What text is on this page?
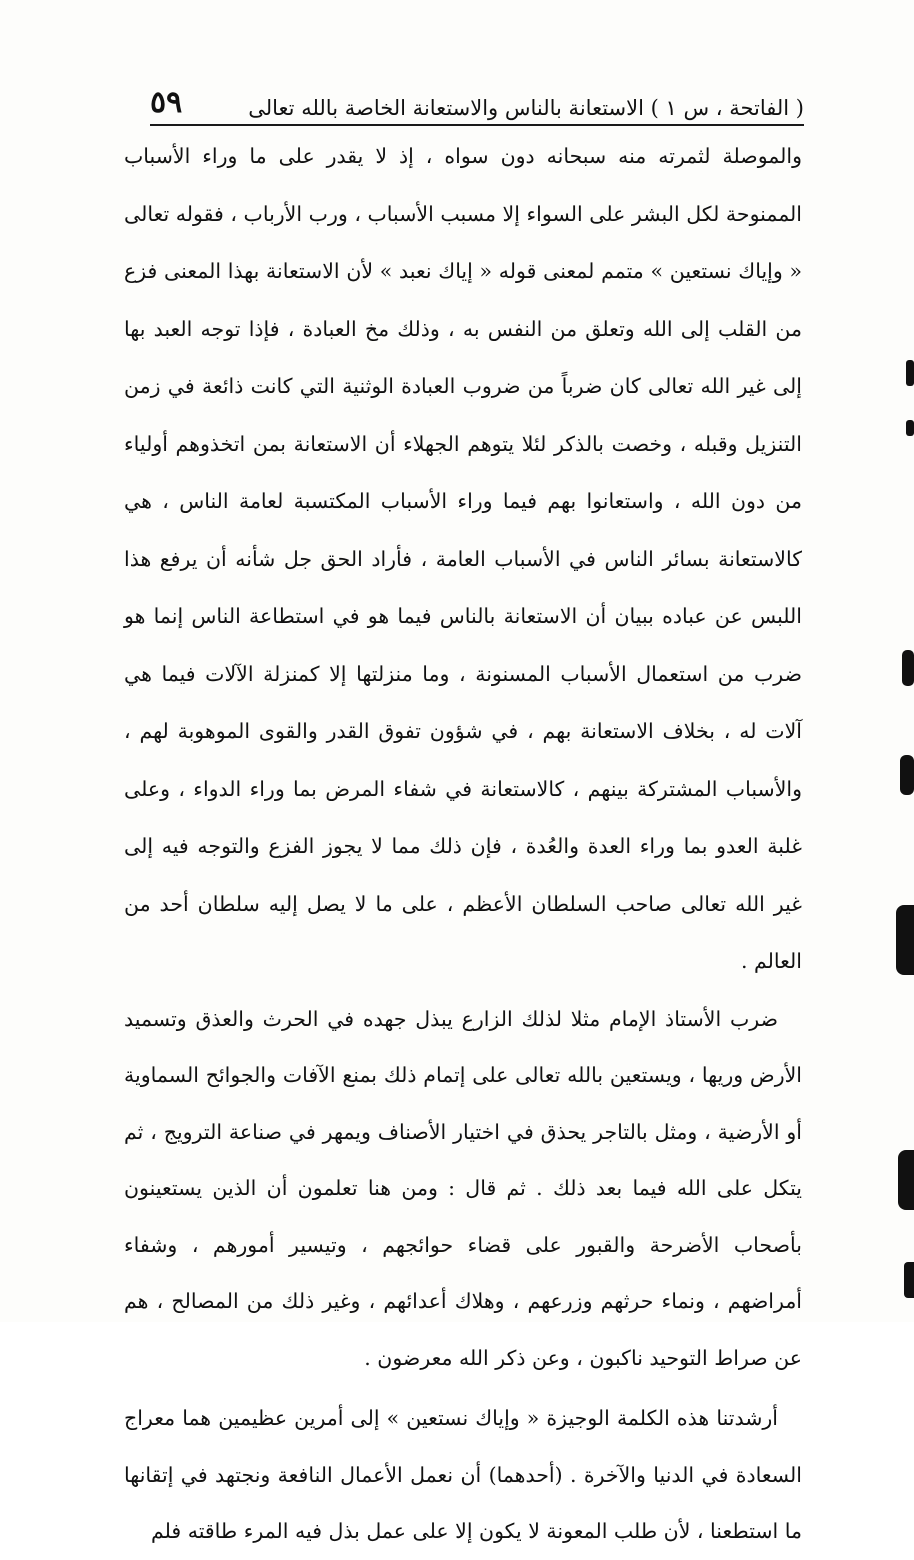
( الفاتحة ، س ١ ) الاستعانة بالناس والاستعانة الخاصة بالله تعالى
٥٩

والموصلة لثمرته منه سبحانه دون سواه ، إذ لا يقدر على ما وراء الأسباب الممنوحة لكل البشر على السواء إلا مسبب الأسباب ، ورب الأرباب ، فقوله تعالى « وإياك نستعين » متمم لمعنى قوله « إياك نعبد » لأن الاستعانة بهذا المعنى فزع من القلب إلى الله وتعلق من النفس به ، وذلك مخ العبادة ، فإذا توجه العبد بها إلى غير الله تعالى كان ضرباً من ضروب العبادة الوثنية التي كانت ذائعة في زمن التنزيل وقبله ، وخصت بالذكر لئلا يتوهم الجهلاء أن الاستعانة بمن اتخذوهم أولياء من دون الله ، واستعانوا بهم فيما وراء الأسباب المكتسبة لعامة الناس ، هي كالاستعانة بسائر الناس في الأسباب العامة ، فأراد الحق جل شأنه أن يرفع هذا اللبس عن عباده ببيان أن الاستعانة بالناس فيما هو في استطاعة الناس إنما هو ضرب من استعمال الأسباب المسنونة ، وما منزلتها إلا كمنزلة الآلات فيما هي آلات له ، بخلاف الاستعانة بهم ، في شؤون تفوق القدر والقوى الموهوبة لهم ، والأسباب المشتركة بينهم ، كالاستعانة في شفاء المرض بما وراء الدواء ، وعلى غلبة العدو بما وراء العدة والعُدة ، فإن ذلك مما لا يجوز الفزع والتوجه فيه إلى غير الله تعالى صاحب السلطان الأعظم ، على ما لا يصل إليه سلطان أحد من العالم .

ضرب الأستاذ الإمام مثلا لذلك الزارع يبذل جهده في الحرث والعذق وتسميد الأرض وريها ، ويستعين بالله تعالى على إتمام ذلك بمنع الآفات والجوائح السماوية أو الأرضية ، ومثل بالتاجر يحذق في اختيار الأصناف ويمهر في صناعة الترويج ، ثم يتكل على الله فيما بعد ذلك . ثم قال : ومن هنا تعلمون أن الذين يستعينون بأصحاب الأضرحة والقبور على قضاء حوائجهم ، وتيسير أمورهم ، وشفاء أمراضهم ، ونماء حرثهم وزرعهم ، وهلاك أعدائهم ، وغير ذلك من المصالح ، هم عن صراط التوحيد ناكبون ، وعن ذكر الله معرضون .

أرشدتنا هذه الكلمة الوجيزة « وإياك نستعين » إلى أمرين عظيمين هما معراج السعادة في الدنيا والآخرة . (أحدهما) أن نعمل الأعمال النافعة ونجتهد في إتقانها ما استطعنا ، لأن طلب المعونة لا يكون إلا على عمل بذل فيه المرء طاقته فلم
